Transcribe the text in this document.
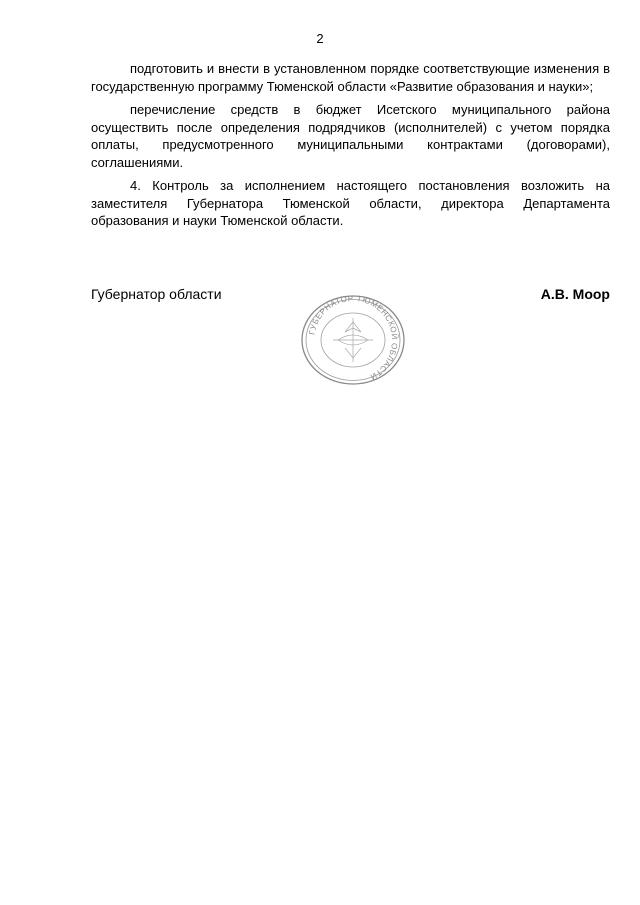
2

подготовить и внести в установленном порядке соответствующие изменения в государственную программу Тюменской области «Развитие образования и науки»;

перечисление средств в бюджет Исетского муниципального района осуществить после определения подрядчиков (исполнителей) с учетом порядка оплаты, предусмотренного муниципальными контрактами (договорами), соглашениями.

4. Контроль за исполнением настоящего постановления возложить на заместителя Губернатора Тюменской области, директора Департамента образования и науки Тюменской области.

Губернатор области	А.В. Моор
ГУБЕРНАТОР ТЮМЕНСКОЙ ОБЛАСТИ
